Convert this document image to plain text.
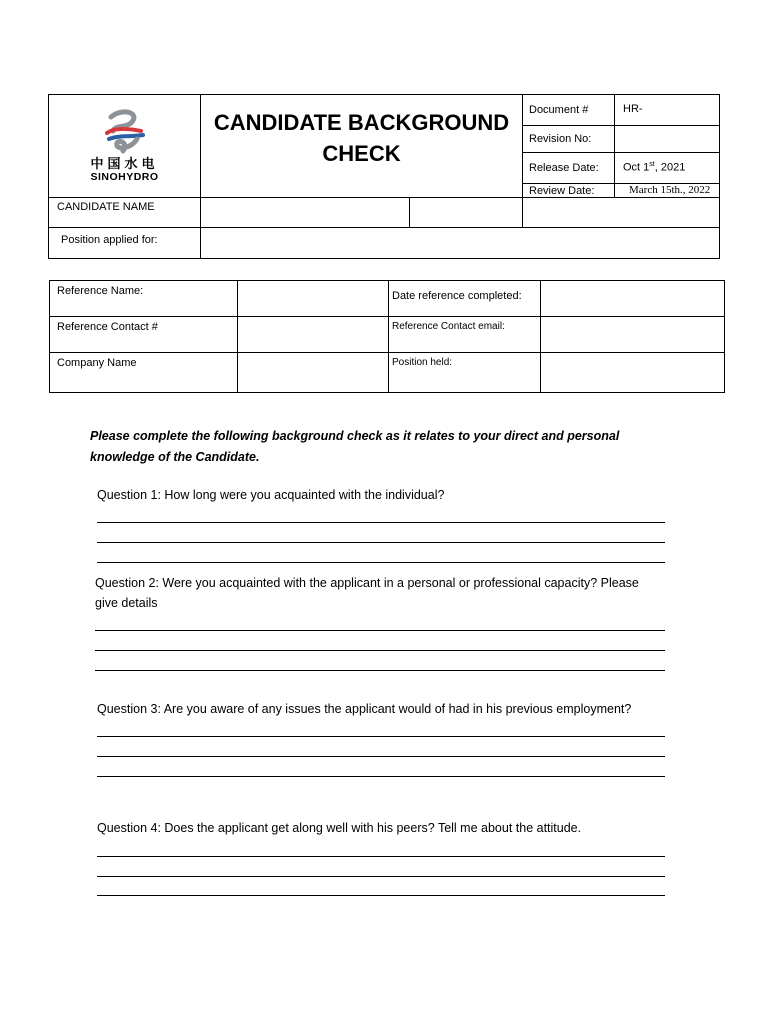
中国水电
SINOHYDRO	CANDIDATE BACKGROUND CHECK		Document #	HR-
			Revision No:	
			Release Date:	Oct 1st, 2021
			Review Date:	March 15th., 2022
CANDIDATE NAME				
Position applied for:				
Reference Name:		Date reference completed:	
Reference Contact #		Reference Contact email:	
Company Name		Position held:	
Please complete the following background check as it relates to your direct and personal knowledge of the Candidate.
Question 1: How long were you acquainted with the individual?
Question 2: Were you acquainted with the applicant in a personal or professional capacity? Please give details
Question 3: Are you aware of any issues the applicant would of had in his previous employment?
Question 4: Does the applicant get along well with his peers? Tell me about the attitude.
